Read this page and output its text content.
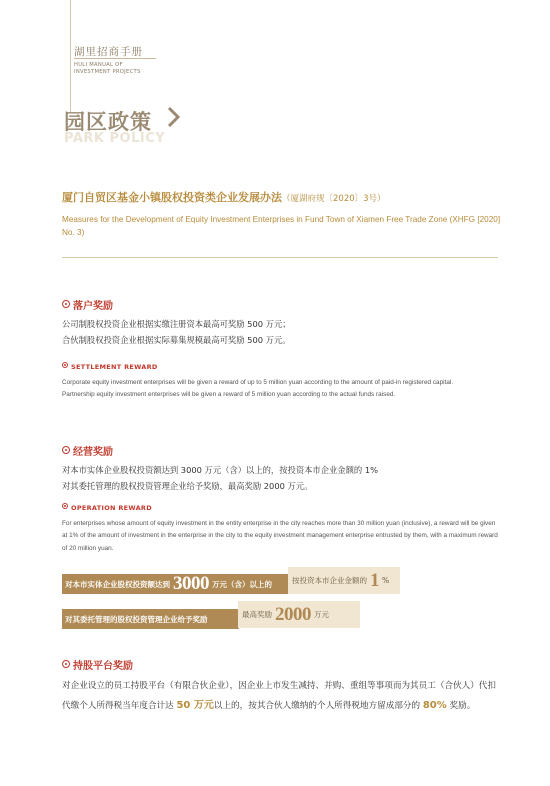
湖里招商手册
HULI MANUAL OF
INVESTMENT PROJECTS
园区政策
PARK POLICY
厦门自贸区基金小镇股权投资类企业发展办法（厦湖府规〔2020〕3号）
Measures for the Development of Equity Investment Enterprises in Fund Town of Xiamen Free Trade Zone (XHFG [2020] No. 3)
落户奖励
公司制股权投资企业根据实缴注册资本最高可奖励 500 万元；
合伙制股权投资企业根据实际募集规模最高可奖励 500 万元。
SETTLEMENT REWARD
Corporate equity investment enterprises will be given a reward of up to 5 million yuan according to the amount of paid-in registered capital.
Partnership equity investment enterprises will be given a reward of 5 million yuan according to the actual funds raised.
经营奖励
对本市实体企业股权投资额达到 3000 万元（含）以上的，按投资本市企业金额的 1%
对其委托管理的股权投资管理企业给予奖励，最高奖励 2000 万元。
OPERATION REWARD
For enterprises whose amount of equity investment in the entity enterprise in the city reaches more than 30 million yuan (inclusive), a reward will be given at 1% of the amount of investment in the enterprise in the city to the equity investment management enterprise entrusted by them, with a maximum reward of 20 million yuan.
对本市实体企业股权投资额达到 3000 万元（含）以上的	按投资本市企业金额的 1 %
对其委托管理的股权投资管理企业给予奖励	最高奖励 2000 万元
持股平台奖励
对企业设立的员工持股平台（有限合伙企业），因企业上市发生减持、并购、重组等事项而为其员工（合伙人）代扣代缴个人所得税当年度合计达 50 万元以上的，按其合伙人缴纳的个人所得税地方留成部分的 80% 奖励。
